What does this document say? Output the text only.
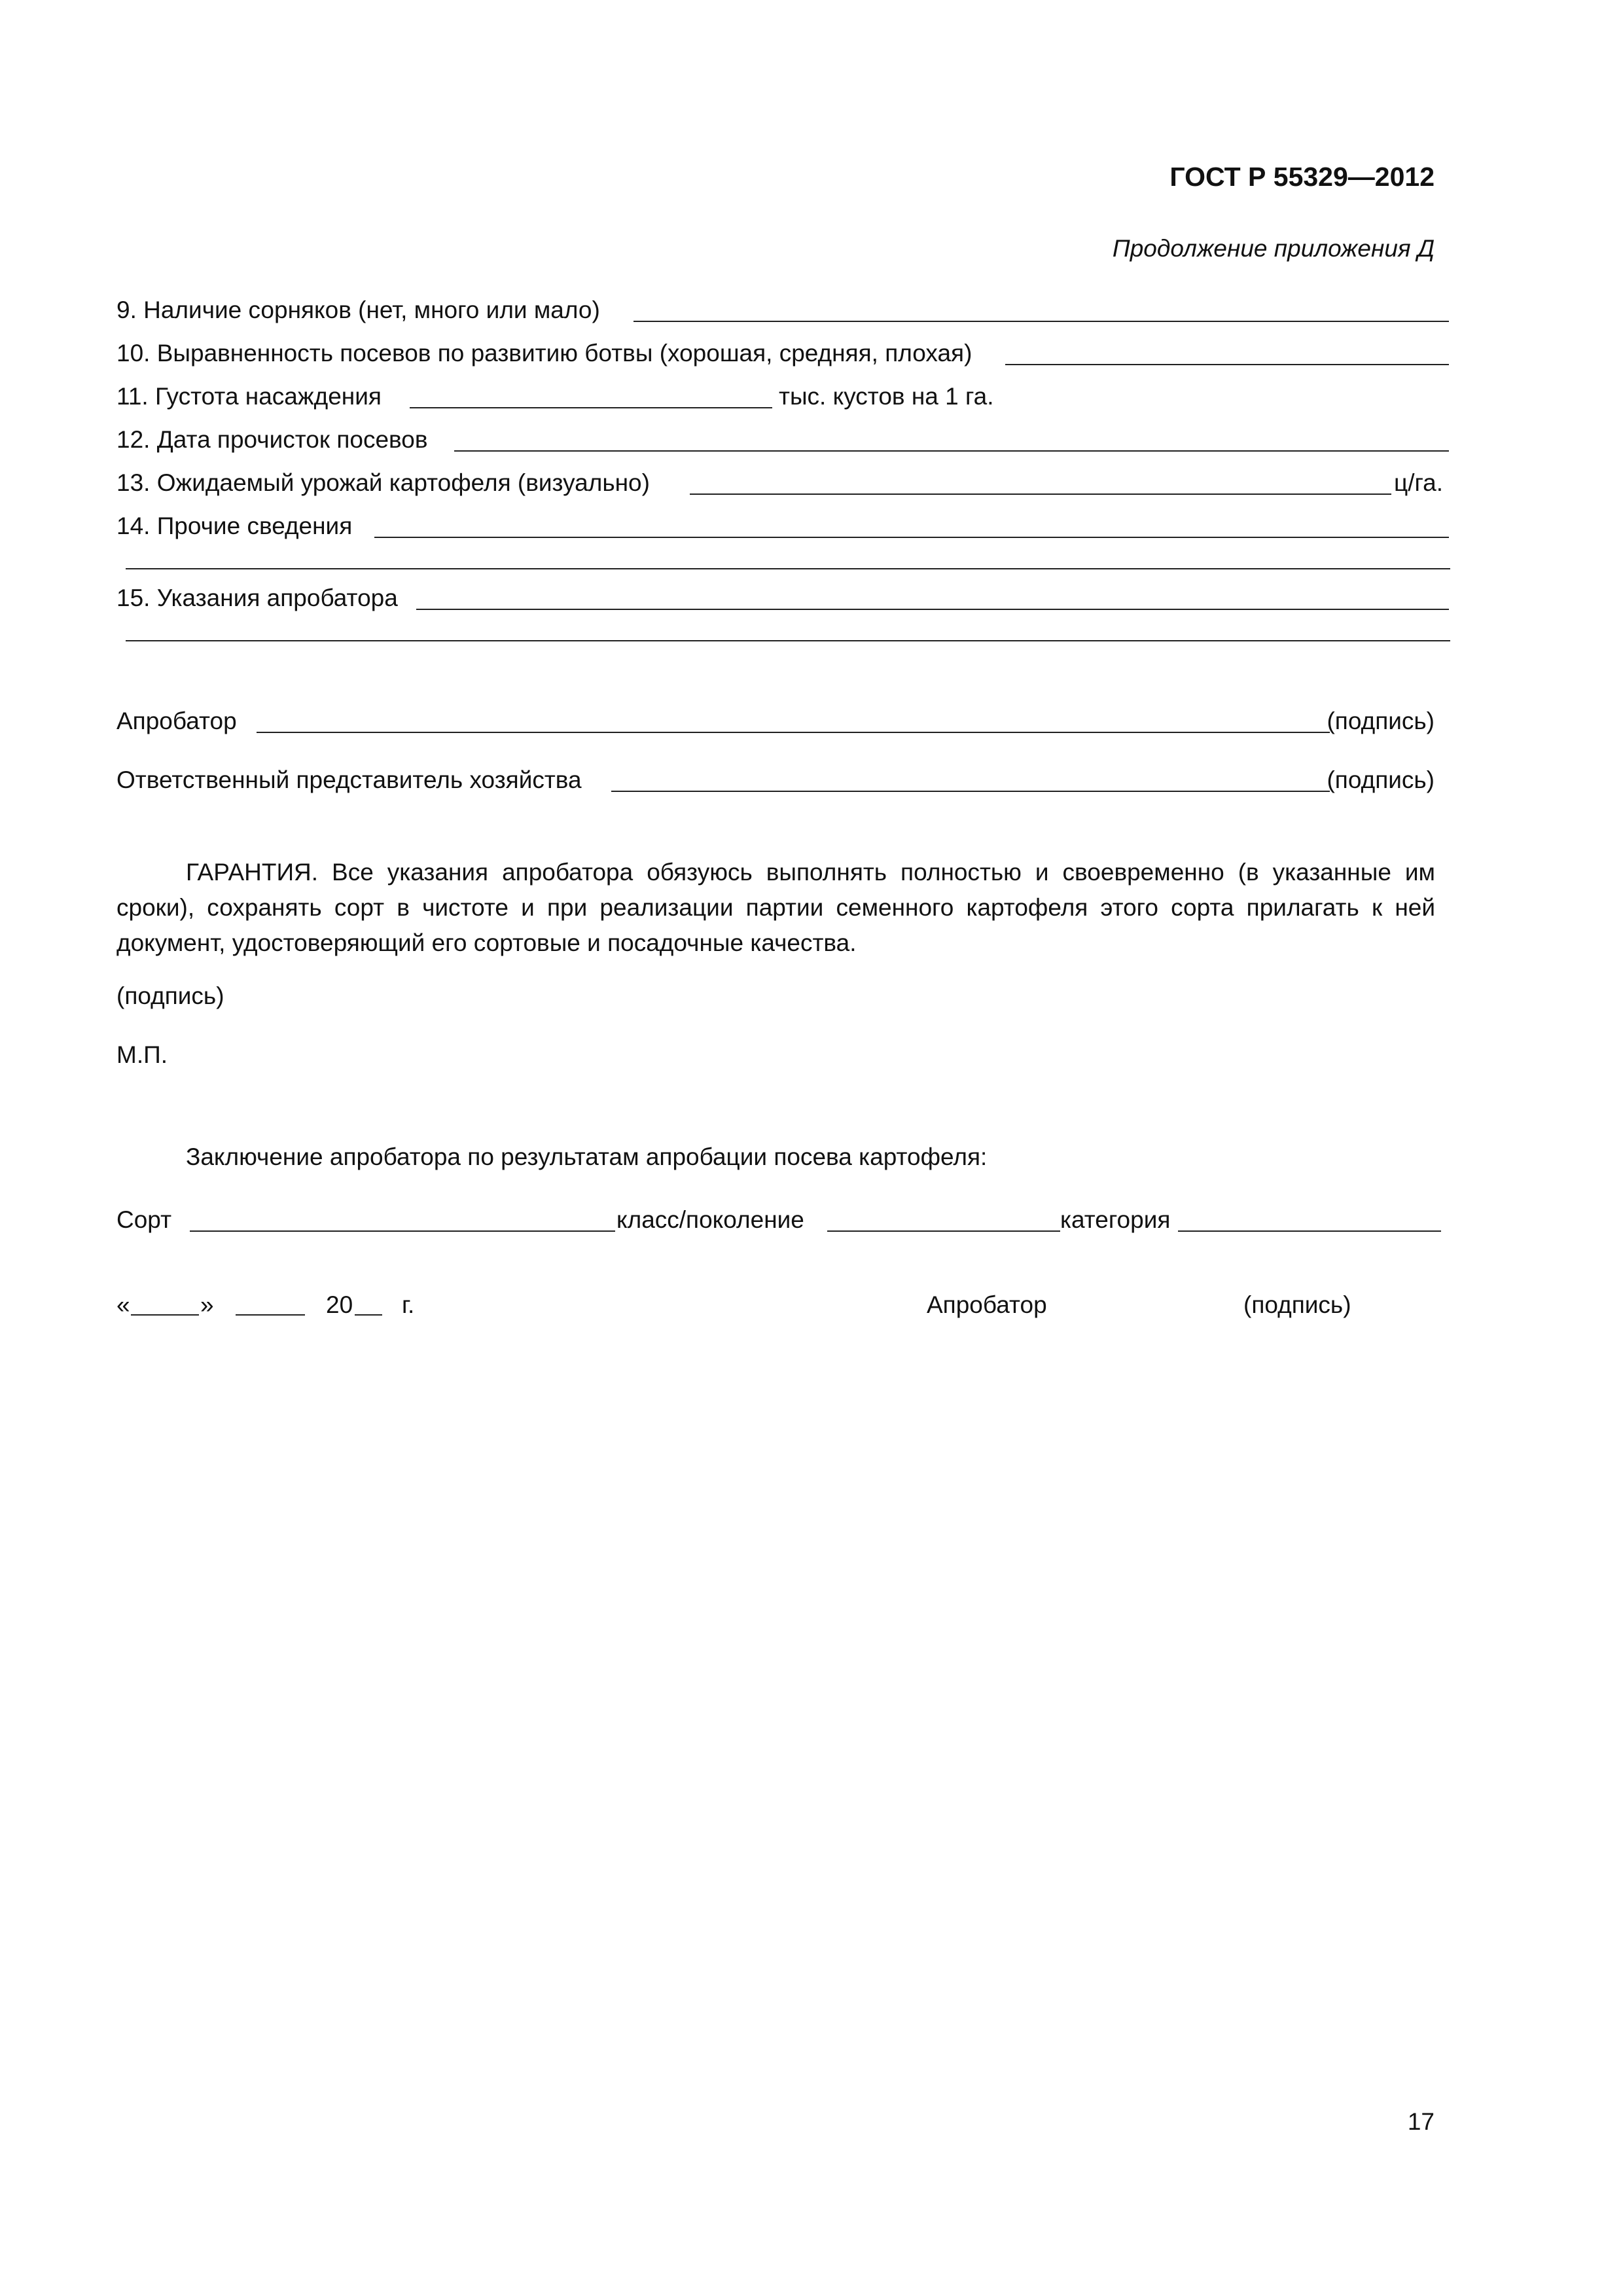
ГОСТ Р 55329—2012
Продолжение приложения Д
9. Наличие сорняков (нет, много или мало)
10. Выравненность посевов по развитию ботвы (хорошая, средняя, плохая)
11. Густота насаждения	тыс. кустов на 1 га.
12. Дата прочисток посевов
13. Ожидаемый урожай картофеля (визуально)	ц/га.
14. Прочие сведения
15. Указания апробатора
Апробатор	(подпись)
Ответственный представитель хозяйства	(подпись)
ГАРАНТИЯ. Все указания апробатора обязуюсь выполнять полностью и своевременно (в указанные им сроки), сохранять сорт в чистоте и при реализации партии семенного картофеля этого сорта прилагать к ней документ, удостоверяющий его сортовые и посадочные качества.
(подпись)
М.П.
Заключение апробатора по результатам апробации посева картофеля:
Сорт	класс/поколение	категория
«	»	20 г.	Апробатор	(подпись)
17
